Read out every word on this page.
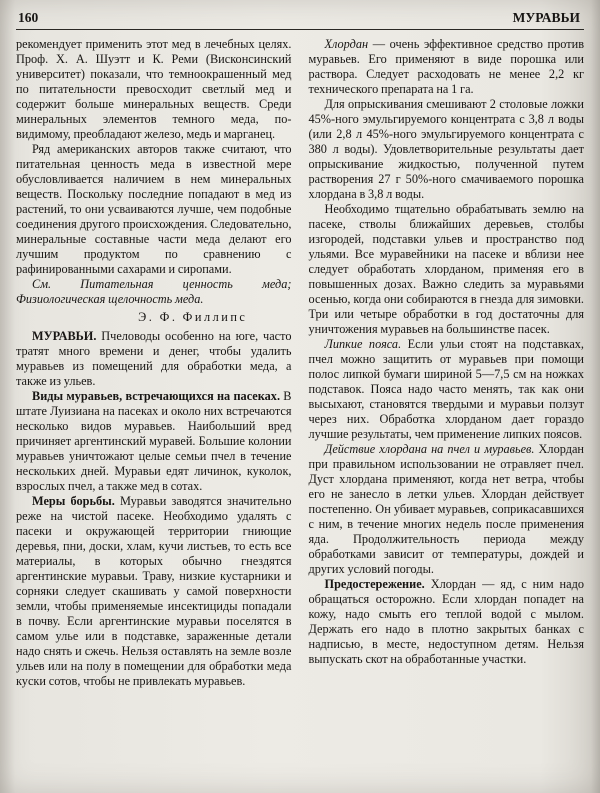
160	МУРАВЬИ

рекомендует применить этот мед в лечебных целях. Проф. Х. А. Шуэтт и К. Реми (Висконсинский университет) показали, что темноокрашенный мед по питательности превосходит светлый мед и содержит больше минеральных веществ. Среди минеральных элементов темного меда, по-видимому, преобладают железо, медь и марганец.

Ряд американских авторов также считают, что питательная ценность меда в известной мере обусловливается наличием в нем минеральных веществ. Поскольку последние попадают в мед из растений, то они усваиваются лучше, чем подобные соединения другого происхождения. Следовательно, минеральные составные части меда делают его лучшим продуктом по сравнению с рафинированными сахарами и сиропами.

См. Питательная ценность меда; Физиологическая щелочность меда.

Э. Ф. Филлипс

МУРАВЬИ. Пчеловоды особенно на юге, часто тратят много времени и денег, чтобы удалить муравьев из помещений для обработки меда, а также из ульев.

Виды муравьев, встречающихся на пасеках. В штате Луизиана на пасеках и около них встречаются несколько видов муравьев. Наибольший вред причиняет аргентинский муравей. Большие колонии муравьев уничтожают целые семьи пчел в течение нескольких дней. Муравьи едят личинок, куколок, взрослых пчел, а также мед в сотах.

Меры борьбы. Муравьи заводятся значительно реже на чистой пасеке. Необходимо удалять с пасеки и окружающей территории гниющие деревья, пни, доски, хлам, кучи листьев, то есть все материалы, в которых обычно гнездятся аргентинские муравьи. Траву, низкие кустарники и сорняки следует скашивать у самой поверхности земли, чтобы применяемые инсектициды попадали в почву. Если аргентинские муравьи поселятся в самом улье или в подставке, зараженные детали надо снять и сжечь. Нельзя оставлять на земле возле ульев или на полу в помещении для обработки меда куски сотов, чтобы не привлекать муравьев.

Хлордан — очень эффективное средство против муравьев. Его применяют в виде порошка или раствора. Следует расходовать не менее 2,2 кг технического препарата на 1 га.

Для опрыскивания смешивают 2 столовые ложки 45%-ного эмульгируемого концентрата с 3,8 л воды (или 2,8 л 45%-ного эмульгируемого концентрата с 380 л воды). Удовлетворительные результаты дает опрыскивание жидкостью, полученной путем растворения 27 г 50%-ного смачиваемого порошка хлордана в 3,8 л воды.

Необходимо тщательно обрабатывать землю на пасеке, стволы ближайших деревьев, столбы изгородей, подставки ульев и пространство под ульями. Все муравейники на пасеке и вблизи нее следует обработать хлорданом, применяя его в повышенных дозах. Важно следить за муравьями осенью, когда они собираются в гнезда для зимовки. Три или четыре обработки в год достаточны для уничтожения муравьев на большинстве пасек.

Липкие пояса. Если ульи стоят на подставках, пчел можно защитить от муравьев при помощи полос липкой бумаги шириной 5—7,5 см на ножках подставок. Пояса надо часто менять, так как они высыхают, становятся твердыми и муравьи ползут через них. Обработка хлорданом дает гораздо лучшие результаты, чем применение липких поясов.

Действие хлордана на пчел и муравьев. Хлордан при правильном использовании не отравляет пчел. Дуст хлордана применяют, когда нет ветра, чтобы его не занесло в летки ульев. Хлордан действует постепенно. Он убивает муравьев, соприкасавшихся с ним, в течение многих недель после применения яда. Продолжительность периода между обработками зависит от температуры, дождей и других условий погоды.

Предостережение. Хлордан — яд, с ним надо обращаться осторожно. Если хлордан попадет на кожу, надо смыть его теплой водой с мылом. Держать его надо в плотно закрытых банках с надписью, в месте, недоступном детям. Нельзя выпускать скот на обработанные участки.
